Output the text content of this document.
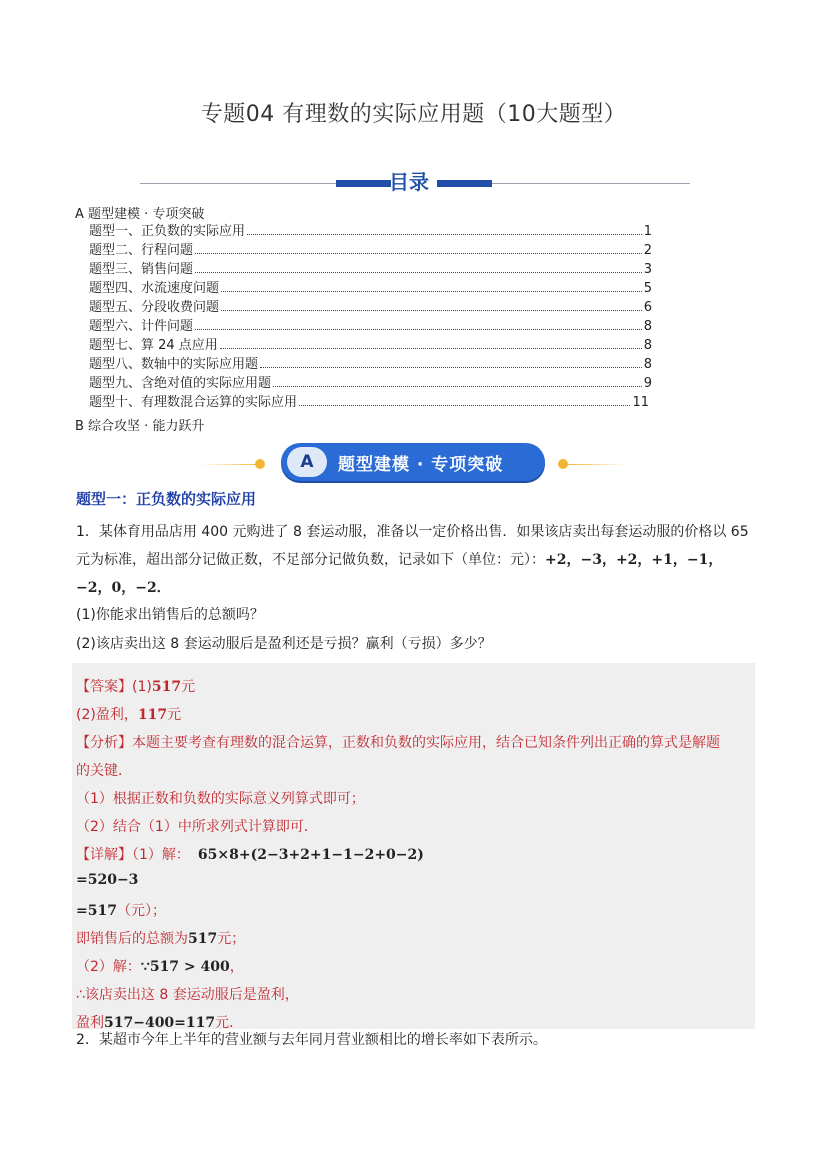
专题04 有理数的实际应用题（10大题型）
目录
A 题型建模 · 专项突破
题型一、正负数的实际应用	1
题型二、行程问题	2
题型三、销售问题	3
题型四、水流速度问题	5
题型五、分段收费问题	6
题型六、计件问题	8
题型七、算 24 点应用	8
题型八、数轴中的实际应用题	8
题型九、含绝对值的实际应用题	9
题型十、有理数混合运算的实际应用	11
B 综合攻坚 · 能力跃升
A	题型建模 · 专项突破
题型一：正负数的实际应用
1．某体育用品店用 400 元购进了 8 套运动服，准备以一定价格出售．如果该店卖出每套运动服的价格以 65
元为标准，超出部分记做正数，不足部分记做负数，记录如下（单位：元）：+2，−3，+2，+1，−1，
−2，0，−2．
(1)你能求出销售后的总额吗？
(2)该店卖出这 8 套运动服后是盈利还是亏损？赢利（亏损）多少？
【答案】(1)517元
(2)盈利，117元
【分析】本题主要考查有理数的混合运算，正数和负数的实际应用，结合已知条件列出正确的算式是解题
的关键．
（1）根据正数和负数的实际意义列算式即可；
（2）结合（1）中所求列式计算即可．
【详解】（1）解： 65×8+(2−3+2+1−1−2+0−2)
=520−3
=517（元）；
即销售后的总额为517元；
（2）解：∵517 > 400，
∴该店卖出这 8 套运动服后是盈利，
盈利517−400=117元．
2．某超市今年上半年的营业额与去年同月营业额相比的增长率如下表所示。
